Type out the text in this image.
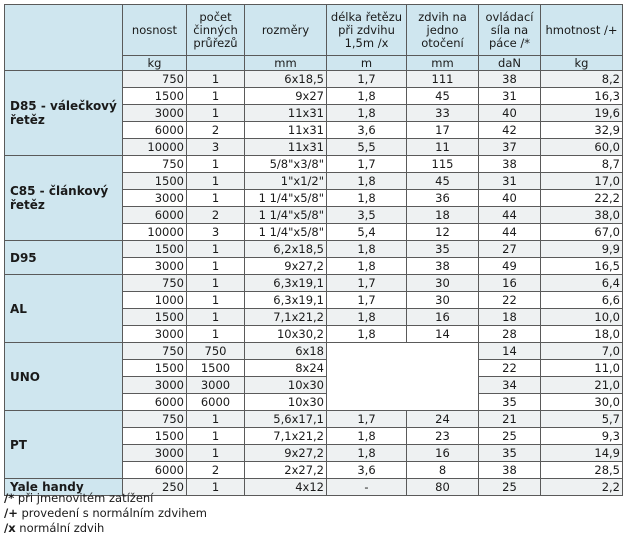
	nosnost	počet činných průřezů	rozměry	délka řetězu při zdvihu 1,5m /x	zdvih na jedno otočení	ovládací síla na páce /*	hmotnost /+
	kg		mm	m	mm	daN	kg
D85 - válečkový řetěz	750	1	6x18,5	1,7	111	38	8,2
	1500	1	9x27	1,8	45	31	16,3
	3000	1	11x31	1,8	33	40	19,6
	6000	2	11x31	3,6	17	42	32,9
	10000	3	11x31	5,5	11	37	60,0
C85 - článkový řetěz	750	1	5/8"x3/8"	1,7	115	38	8,7
	1500	1	1"x1/2"	1,8	45	31	17,0
	3000	1	1 1/4"x5/8"	1,8	36	40	22,2
	6000	2	1 1/4"x5/8"	3,5	18	44	38,0
	10000	3	1 1/4"x5/8"	5,4	12	44	67,0
D95	1500	1	6,2x18,5	1,8	35	27	9,9
	3000	1	9x27,2	1,8	38	49	16,5
AL	750	1	6,3x19,1	1,7	30	16	6,4
	1000	1	6,3x19,1	1,7	30	22	6,6
	1500	1	7,1x21,2	1,8	16	18	10,0
	3000	1	10x30,2	1,8	14	28	18,0
UNO	750	750	6x18			14	7,0
	1500	1500	8x24			22	11,0
	3000	3000	10x30			34	21,0
	6000	6000	10x30			35	30,0
PT	750	1	5,6x17,1	1,7	24	21	5,7
	1500	1	7,1x21,2	1,8	23	25	9,3
	3000	1	9x27,2	1,8	16	35	14,9
	6000	2	2x27,2	3,6	8	38	28,5
Yale handy	250	1	4x12	-	80	25	2,2
/* při jmenovitém zatížení
/+ provedení s normálním zdvihem
/x normální zdvih
